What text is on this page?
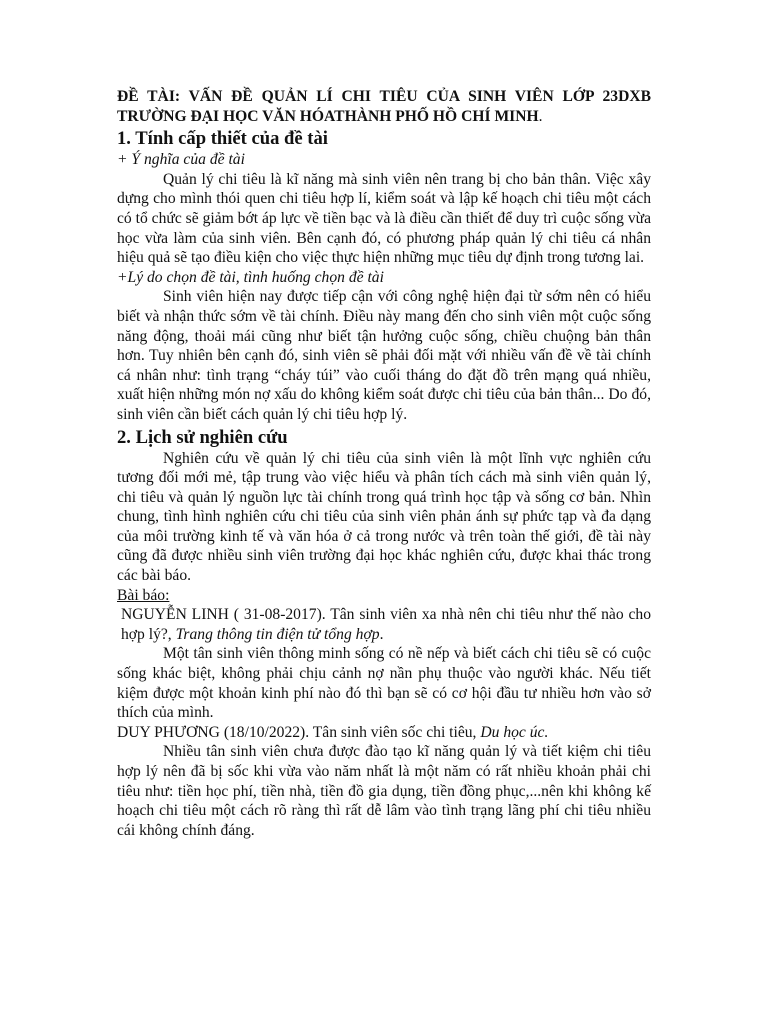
ĐỀ TÀI: VẤN ĐỀ QUẢN LÍ CHI TIÊU CỦA SINH VIÊN LỚP 23DXB TRƯỜNG ĐẠI HỌC VĂN HÓATHÀNH PHỐ HỒ CHÍ MINH.
1. Tính cấp thiết của đề tài
+ Ý nghĩa của đề tài

Quản lý chi tiêu là kĩ năng mà sinh viên nên trang bị cho bản thân. Việc xây dựng cho mình thói quen chi tiêu hợp lí, kiểm soát và lập kế hoạch chi tiêu một cách có tổ chức sẽ giảm bớt áp lực về tiền bạc và là điều cần thiết để duy trì cuộc sống vừa học vừa làm của sinh viên. Bên cạnh đó, có phương pháp quản lý chi tiêu cá nhân hiệu quả sẽ tạo điều kiện cho việc thực hiện những mục tiêu dự định trong tương lai.

+Lý do chọn đề tài, tình huống chọn đề tài

Sinh viên hiện nay được tiếp cận với công nghệ hiện đại từ sớm nên có hiểu biết và nhận thức sớm về tài chính. Điều này mang đến cho sinh viên một cuộc sống năng động, thoải mái cũng như biết tận hưởng cuộc sống, chiều chuộng bản thân hơn. Tuy nhiên bên cạnh đó, sinh viên sẽ phải đối mặt với nhiều vấn đề về tài chính cá nhân như: tình trạng “cháy túi” vào cuối tháng do đặt đồ trên mạng quá nhiều, xuất hiện những món nợ xấu do không kiểm soát được chi tiêu của bản thân... Do đó, sinh viên cần biết cách quản lý chi tiêu hợp lý.

2. Lịch sử nghiên cứu

Nghiên cứu về quản lý chi tiêu của sinh viên là một lĩnh vực nghiên cứu tương đối mới mẻ, tập trung vào việc hiểu và phân tích cách mà sinh viên quản lý, chi tiêu và quản lý nguồn lực tài chính trong quá trình học tập và sống cơ bản. Nhìn chung, tình hình nghiên cứu chi tiêu của sinh viên phản ánh sự phức tạp và đa dạng của môi trường kinh tế và văn hóa ở cả trong nước và trên toàn thế giới, đề tài này cũng đã được nhiều sinh viên trường đại học khác nghiên cứu, được khai thác trong các bài báo.

Bài báo:
NGUYỄN LINH ( 31-08-2017). Tân sinh viên xa nhà nên chi tiêu như thế nào cho hợp lý?, Trang thông tin điện tử tổng hợp.

Một tân sinh viên thông minh sống có nề nếp và biết cách chi tiêu sẽ có cuộc sống khác biệt, không phải chịu cảnh nợ nần phụ thuộc vào người khác. Nếu tiết kiệm được một khoản kinh phí nào đó thì bạn sẽ có cơ hội đầu tư nhiều hơn vào sở thích của mình.

DUY PHƯƠNG (18/10/2022). Tân sinh viên sốc chi tiêu, Du học úc.

Nhiều tân sinh viên chưa được đào tạo kĩ năng quản lý và tiết kiệm chi tiêu hợp lý nên đã bị sốc khi vừa vào năm nhất là một năm có rất nhiều khoản phải chi tiêu như: tiền học phí, tiền nhà, tiền đồ gia dụng, tiền đồng phục,...nên khi không kế hoạch chi tiêu một cách rõ ràng thì rất dễ lâm vào tình trạng lãng phí chi tiêu nhiều cái không chính đáng.
